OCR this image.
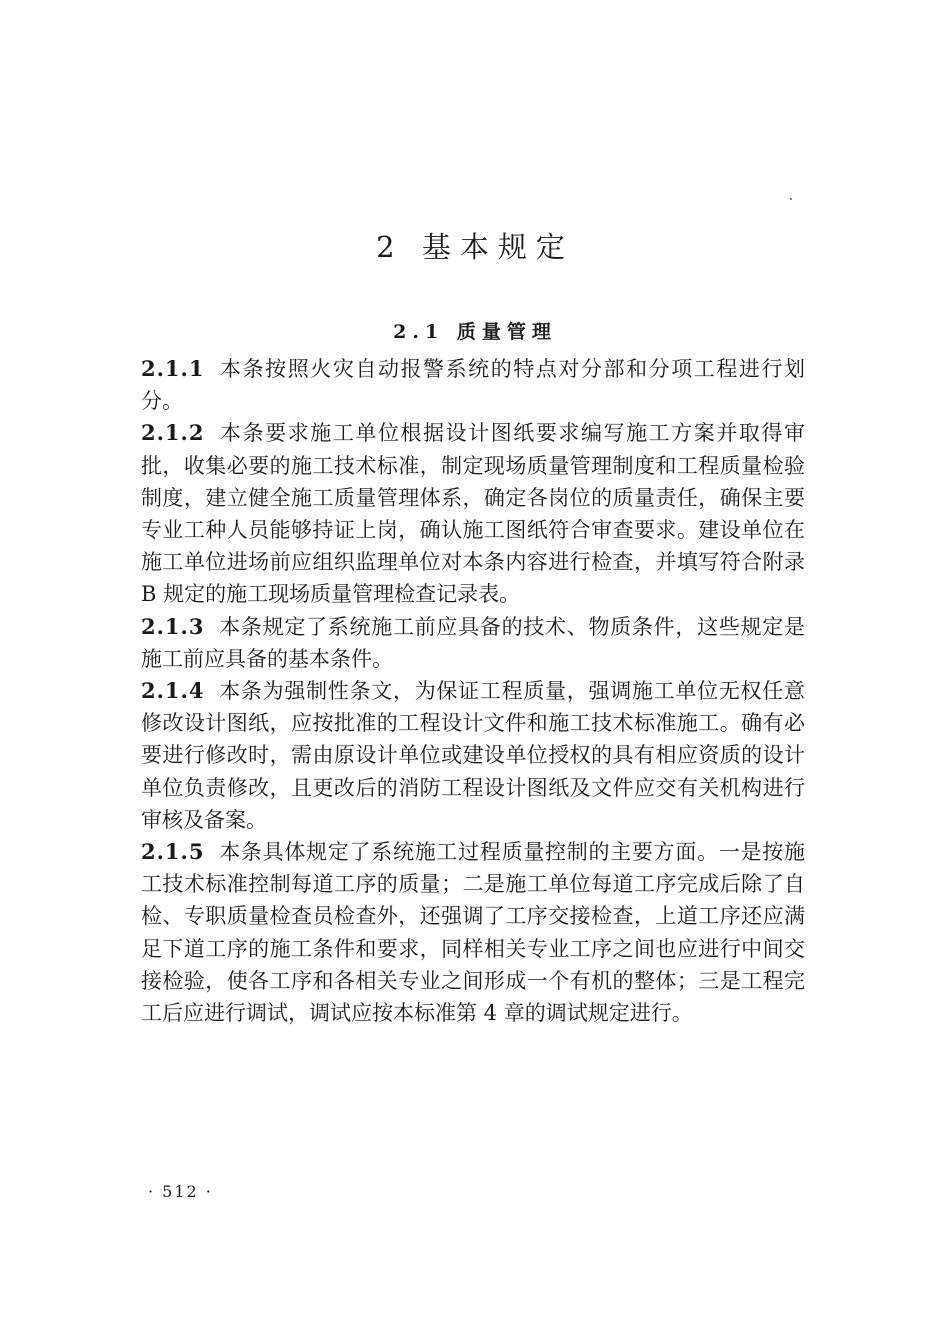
2 基本规定
2.1 质量管理

2.1.1 本条按照火灾自动报警系统的特点对分部和分项工程进行划分。

2.1.2 本条要求施工单位根据设计图纸要求编写施工方案并取得审批，收集必要的施工技术标准，制定现场质量管理制度和工程质量检验制度，建立健全施工质量管理体系，确定各岗位的质量责任，确保主要专业工种人员能够持证上岗，确认施工图纸符合审查要求。建设单位在施工单位进场前应组织监理单位对本条内容进行检查，并填写符合附录 B 规定的施工现场质量管理检查记录表。

2.1.3 本条规定了系统施工前应具备的技术、物质条件，这些规定是施工前应具备的基本条件。

2.1.4 本条为强制性条文，为保证工程质量，强调施工单位无权任意修改设计图纸，应按批准的工程设计文件和施工技术标准施工。确有必要进行修改时，需由原设计单位或建设单位授权的具有相应资质的设计单位负责修改，且更改后的消防工程设计图纸及文件应交有关机构进行审核及备案。

2.1.5 本条具体规定了系统施工过程质量控制的主要方面。一是按施工技术标准控制每道工序的质量；二是施工单位每道工序完成后除了自检、专职质量检查员检查外，还强调了工序交接检查，上道工序还应满足下道工序的施工条件和要求，同样相关专业工序之间也应进行中间交接检验，使各工序和各相关专业之间形成一个有机的整体；三是工程完工后应进行调试，调试应按本标准第 4 章的调试规定进行。

· 512 ·
